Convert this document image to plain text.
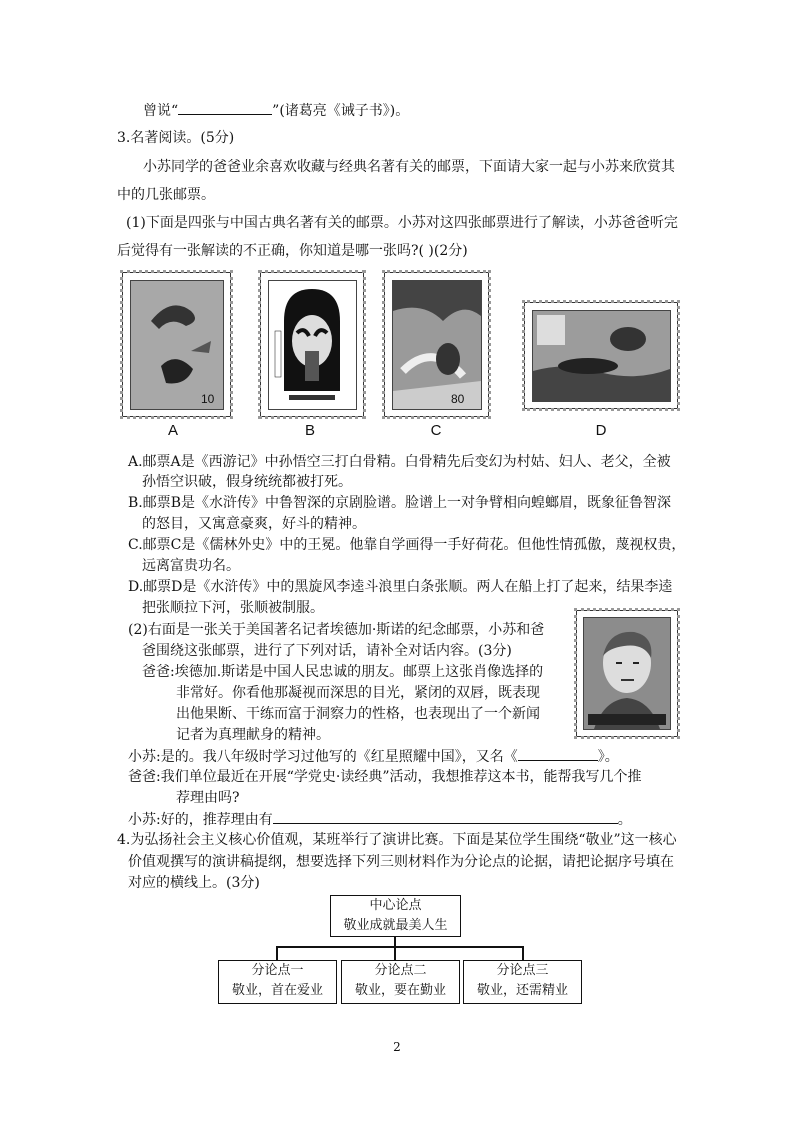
曾说“	”(诸葛亮《诫子书》)。
3.名著阅读。(5分)
小苏同学的爸爸业余喜欢收藏与经典名著有关的邮票，下面请大家一起与小苏来欣赏其
中的几张邮票。
(1)下面是四张与中国古典名著有关的邮票。小苏对这四张邮票进行了解读，小苏爸爸听完
后觉得有一张解读的不正确，你知道是哪一张吗?( )(2分)
10	80
A	B	C	D
A.邮票A是《西游记》中孙悟空三打白骨精。白骨精先后变幻为村姑、妇人、老父，全被
孙悟空识破，假身统统都被打死。
B.邮票B是《水浒传》中鲁智深的京剧脸谱。脸谱上一对争臂相向蝗螂眉，既象征鲁智深
的怒目，又寓意豪爽，好斗的精神。
C.邮票C是《儒林外史》中的王冕。他靠自学画得一手好荷花。但他性情孤傲，蔑视权贵，
远离富贵功名。
D.邮票D是《水浒传》中的黑旋风李逵斗浪里白条张顺。两人在船上打了起来，结果李逵
把张顺拉下河，张顺被制服。
(2)右面是一张关于美国著名记者埃德加·斯诺的纪念邮票，小苏和爸
爸围绕这张邮票，进行了下列对话，请补全对话内容。(3分)
爸爸:埃德加.斯诺是中国人民忠诚的朋友。邮票上这张肖像选择的
非常好。你看他那凝视而深思的目光，紧闭的双唇，既表现
出他果断、干练而富于洞察力的性格，也表现出了一个新闻
记者为真理献身的精神。
小苏:是的。我八年级时学习过他写的《红星照耀中国》，又名《	》。
爸爸:我们单位最近在开展“学党史·读经典”活动，我想推荐这本书，能帮我写几个推
荐理由吗?
小苏:好的，推荐理由有	。
4.为弘扬社会主义核心价值观，某班举行了演讲比赛。下面是某位学生围绕“敬业”这一核心
价值观撰写的演讲稿提纲，想要选择下列三则材料作为分论点的论据，请把论据序号填在
对应的横线上。(3分)
中心论点
敬业成就最美人生
分论点一
敬业，首在爱业
分论点二
敬业，要在勤业
分论点三
敬业，还需精业
2
